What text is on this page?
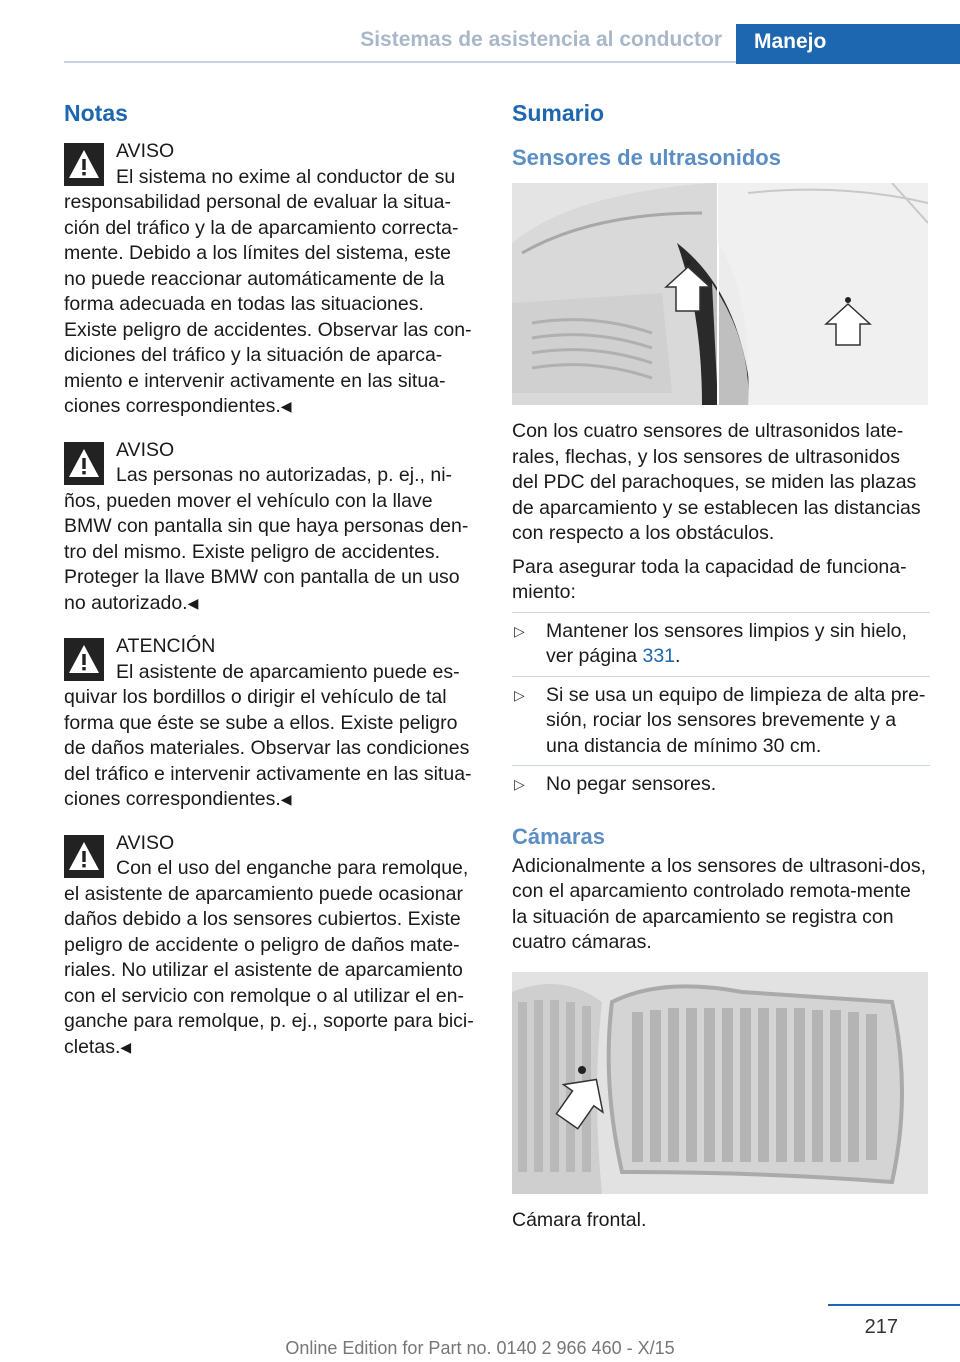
Sistemas de asistencia al conductor Manejo
Notas
AVISO
El sistema no exime al conductor de su responsabilidad personal de evaluar la situa‐ción del tráfico y la de aparcamiento correcta‐mente. Debido a los límites del sistema, este no puede reaccionar automáticamente de la forma adecuada en todas las situaciones. Existe peligro de accidentes. Observar las con‐diciones del tráfico y la situación de aparca‐miento e intervenir activamente en las situa‐ciones correspondientes.◀
AVISO
Las personas no autorizadas, p. ej., ni‐ños, pueden mover el vehículo con la llave BMW con pantalla sin que haya personas den‐tro del mismo. Existe peligro de accidentes. Proteger la llave BMW con pantalla de un uso no autorizado.◀
ATENCIÓN
El asistente de aparcamiento puede es‐quivar los bordillos o dirigir el vehículo de tal forma que éste se sube a ellos. Existe peligro de daños materiales. Observar las condiciones del tráfico e intervenir activamente en las situa‐ciones correspondientes.◀
AVISO
Con el uso del enganche para remolque, el asistente de aparcamiento puede ocasionar daños debido a los sensores cubiertos. Existe peligro de accidente o peligro de daños mate‐riales. No utilizar el asistente de aparcamiento con el servicio con remolque o al utilizar el en‐ganche para remolque, p. ej., soporte para bici‐cletas.◀
Sumario
Sensores de ultrasonidos

Con los cuatro sensores de ultrasonidos late‐rales, flechas, y los sensores de ultrasonidos del PDC del parachoques, se miden las plazas de aparcamiento y se establecen las distancias con respecto a los obstáculos.

Para asegurar toda la capacidad de funciona‐miento:

▷ Mantener los sensores limpios y sin hielo, ver página 331.
▷ Si se usa un equipo de limpieza de alta pre‐sión, rociar los sensores brevemente y a una distancia de mínimo 30 cm.
▷ No pegar sensores.
Cámaras

Adicionalmente a los sensores de ultrasoni‐dos, con el aparcamiento controlado remota‐mente la situación de aparcamiento se registra con cuatro cámaras.

Cámara frontal.

217
Online Edition for Part no. 0140 2 966 460 - X/15
